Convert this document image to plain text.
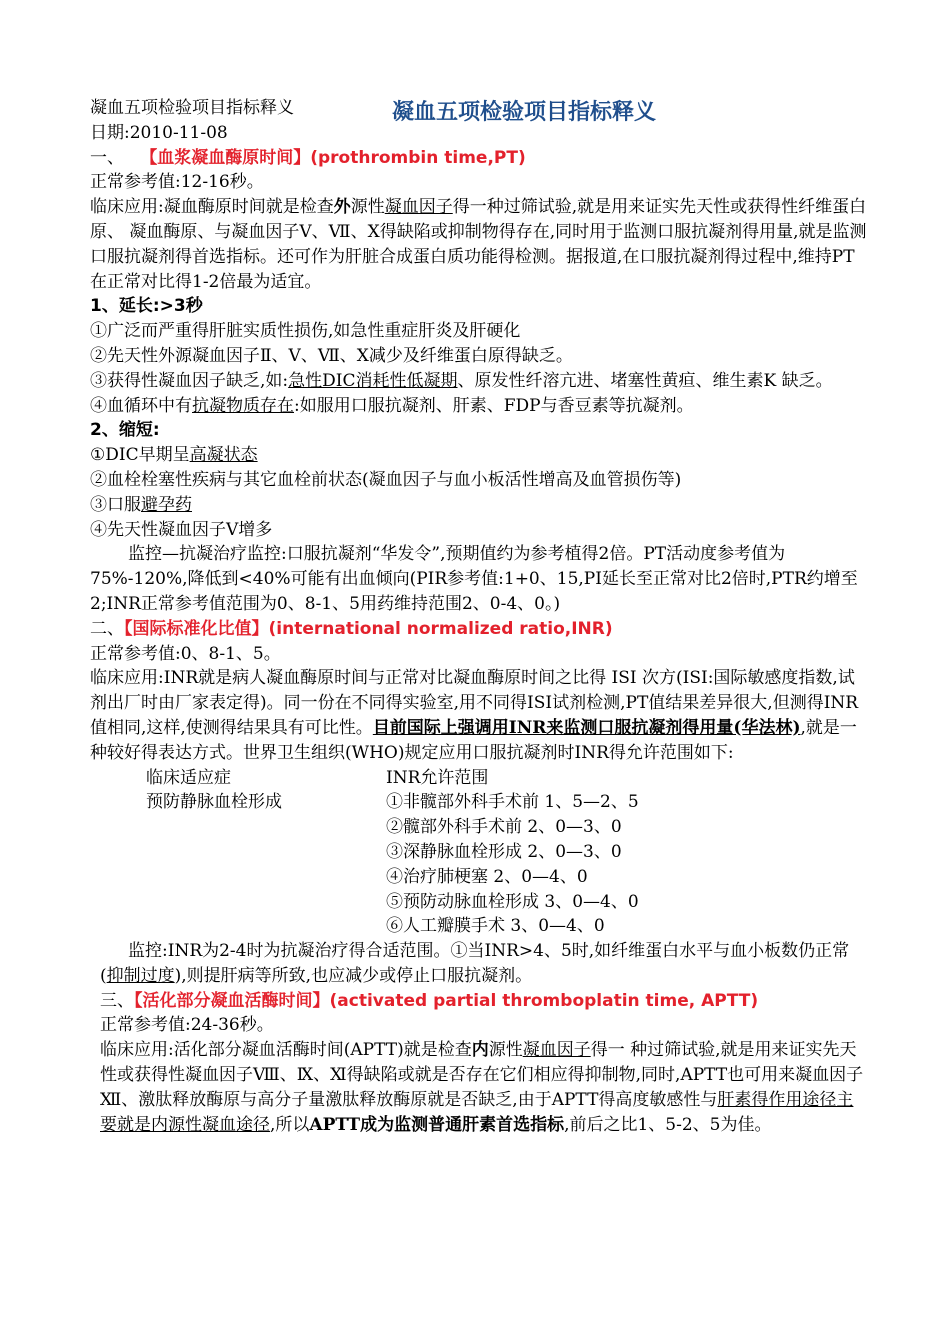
凝血五项检验项目指标释义
凝血五项检验项目指标释义
日期:2010-11-08
一、 【血浆凝血酶原时间】(prothrombin time,PT)
正常参考值:12-16秒。
临床应用:凝血酶原时间就是检查外源性凝血因子得一种过筛试验,就是用来证实先天性或获得性纤维蛋白原、 凝血酶原、与凝血因子Ⅴ、Ⅶ、Ⅹ得缺陷或抑制物得存在,同时用于监测口服抗凝剂得用量,就是监测口服抗凝剂得首选指标。还可作为肝脏合成蛋白质功能得检测。据报道,在口服抗凝剂得过程中,维持PT在正常对比得1-2倍最为适宜。
1、延长:>3秒
①广泛而严重得肝脏实质性损伤,如急性重症肝炎及肝硬化
②先天性外源凝血因子Ⅱ、Ⅴ、Ⅶ、Ⅹ减少及纤维蛋白原得缺乏。
③获得性凝血因子缺乏,如:急性DIC消耗性低凝期、原发性纤溶亢进、堵塞性黄疸、维生素K 缺乏。
④血循环中有抗凝物质存在:如服用口服抗凝剂、肝素、FDP与香豆素等抗凝剂。
2、缩短:
①DIC早期呈高凝状态
②血栓栓塞性疾病与其它血栓前状态(凝血因子与血小板活性增高及血管损伤等)
③口服避孕药
④先天性凝血因子Ⅴ增多
监控—抗凝治疗监控:口服抗凝剂“华发令”,预期值约为参考植得2倍。PT活动度参考值为75%-120%,降低到<40%可能有出血倾向(PIR参考值:1+0、15,PI延长至正常对比2倍时,PTR约增至2;INR正常参考值范围为0、8-1、5用药维持范围2、0-4、0。)
二、【国际标准化比值】(international normalized ratio,INR)
正常参考值:0、8-1、5。
临床应用:INR就是病人凝血酶原时间与正常对比凝血酶原时间之比得 ISI 次方(ISI:国际敏感度指数,试剂出厂时由厂家表定得)。同一份在不同得实验室,用不同得ISI试剂检测,PT值结果差异很大,但测得INR值相同,这样,使测得结果具有可比性。目前国际上强调用INR来监测口服抗凝剂得用量(华法林),就是一种较好得表达方式。世界卫生组织(WHO)规定应用口服抗凝剂时INR得允许范围如下:
临床适应症	INR允许范围
预防静脉血栓形成	①非髋部外科手术前 1、5—2、5
②髋部外科手术前 2、0—3、0
③深静脉血栓形成 2、0—3、0
④治疗肺梗塞 2、0—4、0
⑤预防动脉血栓形成 3、0—4、0
⑥人工瓣膜手术 3、0—4、0
监控:INR为2-4时为抗凝治疗得合适范围。①当INR>4、5时,如纤维蛋白水平与血小板数仍正常(抑制过度),则提肝病等所致,也应减少或停止口服抗凝剂。
三、【活化部分凝血活酶时间】(activated partial thromboplatin time, APTT)
正常参考值:24-36秒。
临床应用:活化部分凝血活酶时间(APTT)就是检查内源性凝血因子得一 种过筛试验,就是用来证实先天性或获得性凝血因子Ⅷ、Ⅸ、Ⅺ得缺陷或就是否存在它们相应得抑制物,同时,APTT也可用来凝血因子Ⅻ、激肽释放酶原与高分子量激肽释放酶原就是否缺乏,由于APTT得高度敏感性与肝素得作用途径主要就是内源性凝血途径,所以APTT成为监测普通肝素首选指标,前后之比1、5-2、5为佳。
